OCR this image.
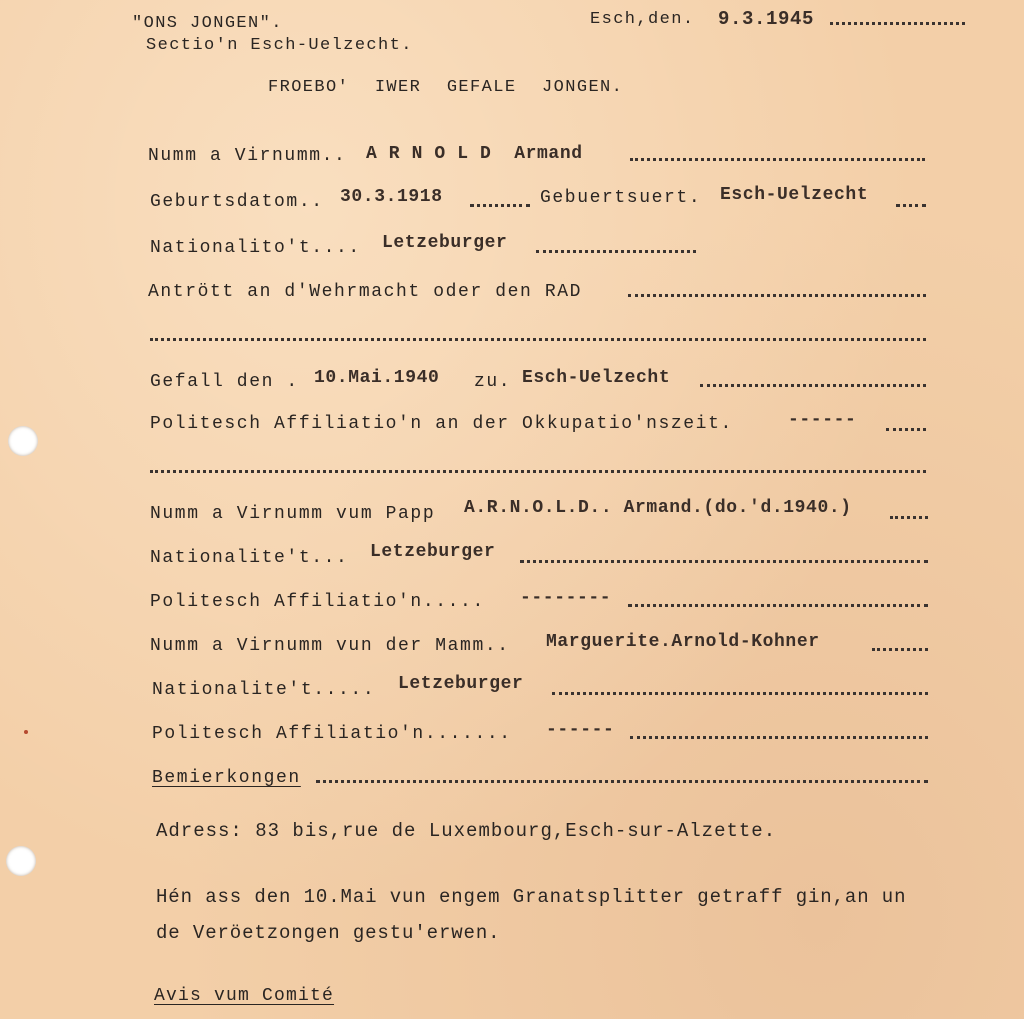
"ONS JONGEN".
Sectio'n Esch-Uelzecht.
Esch,den. 9.3.1945
FROEBO' IWER GEFALE JONGEN.
Numm a Virnumm.. A R N O L D  Armand
Geburtsdatom.. 30.3.1918	Gebuertsuert. Esch-Uelzecht
Nationalito't.... Letzeburger
Antrött an d'Wehrmacht oder den RAD
Gefall den . 10.Mai.1940 zu. Esch-Uelzecht
Politesch Affiliatio'n an der Okkupatio'nszeit.	------
Numm a Virnumm vum Papp A.R.N.O.L.D.. Armand.(do.'d.1940.)
Nationalite't... Letzeburger
Politesch Affiliatio'n..... --------
Numm a Virnumm vun der Mamm.. Marguerite.Arnold-Kohner
Nationalite't..... Letzeburger
Politesch Affiliatio'n....... ------
Bemierkongen
Adress: 83 bis,rue de Luxembourg,Esch-sur-Alzette.
Hén ass den 10.Mai vun engem Granatsplitter getraff gin,an un
de Veröetzongen gestu'erwen.
Avis vum Comité
